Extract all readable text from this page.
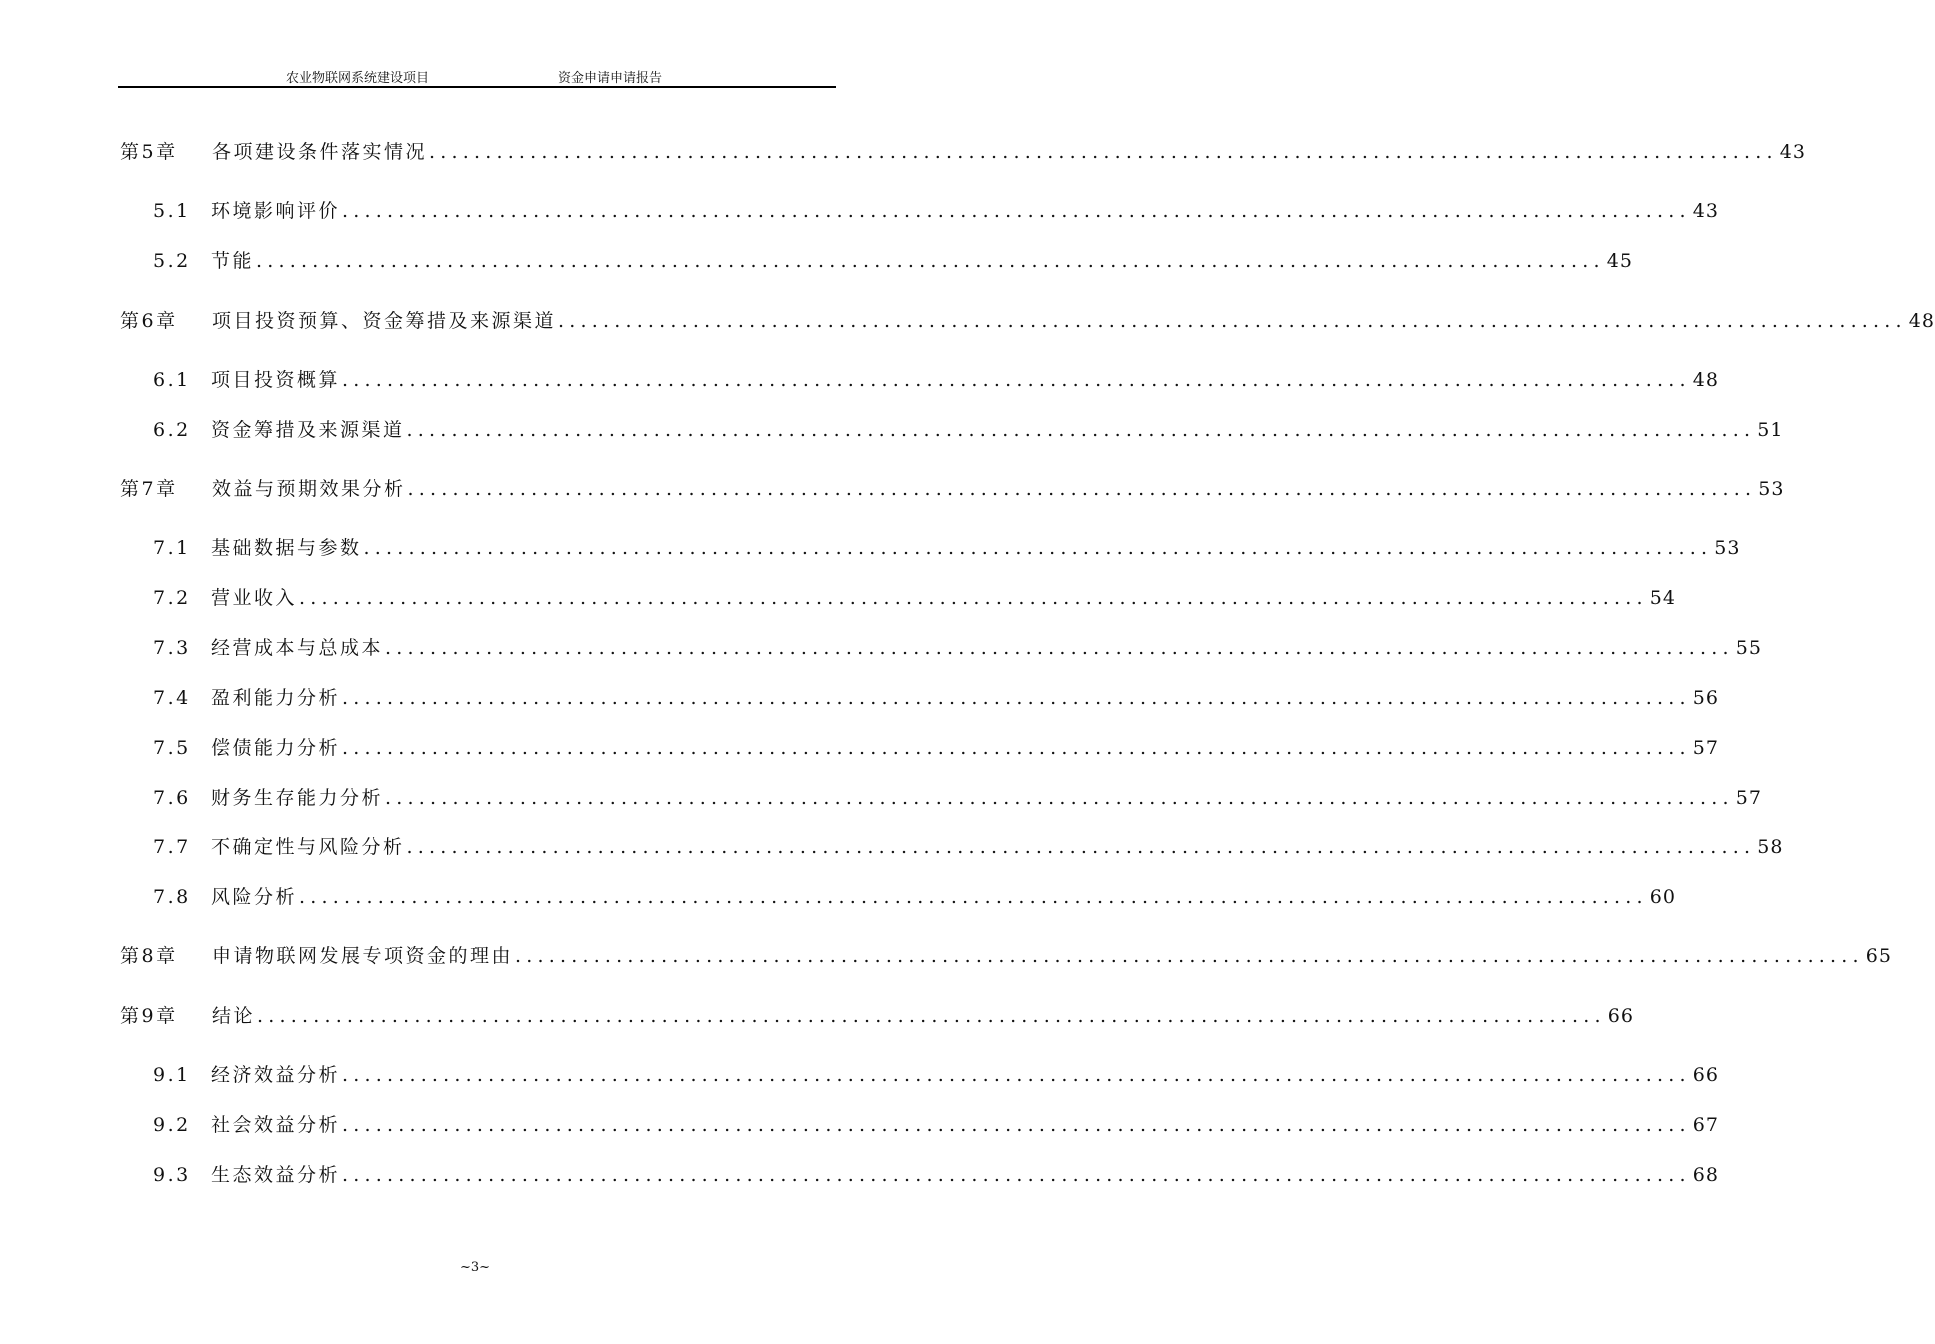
农业物联网系统建设项目	资金申请申请报告
第5章	各项建设条件落实情况 ........................................................................................................................ 43
5.1	环境影响评价 ........................................................................................................................ 43
5.2	节能 ........................................................................................................................ 45
第6章	项目投资预算、资金筹措及来源渠道 ........................................................................................................................ 48
6.1	项目投资概算 ........................................................................................................................ 48
6.2	资金筹措及来源渠道 ........................................................................................................................ 51
第7章	效益与预期效果分析 ........................................................................................................................ 53
7.1	基础数据与参数 ........................................................................................................................ 53
7.2	营业收入 ........................................................................................................................ 54
7.3	经营成本与总成本 ........................................................................................................................ 55
7.4	盈利能力分析 ........................................................................................................................ 56
7.5	偿债能力分析 ........................................................................................................................ 57
7.6	财务生存能力分析 ........................................................................................................................ 57
7.7	不确定性与风险分析 ........................................................................................................................ 58
7.8	风险分析 ........................................................................................................................ 60
第8章	申请物联网发展专项资金的理由 ........................................................................................................................ 65
第9章	结论 ........................................................................................................................ 66
9.1	经济效益分析 ........................................................................................................................ 66
9.2	社会效益分析 ........................................................................................................................ 67
9.3	生态效益分析 ........................................................................................................................ 68
~3~
